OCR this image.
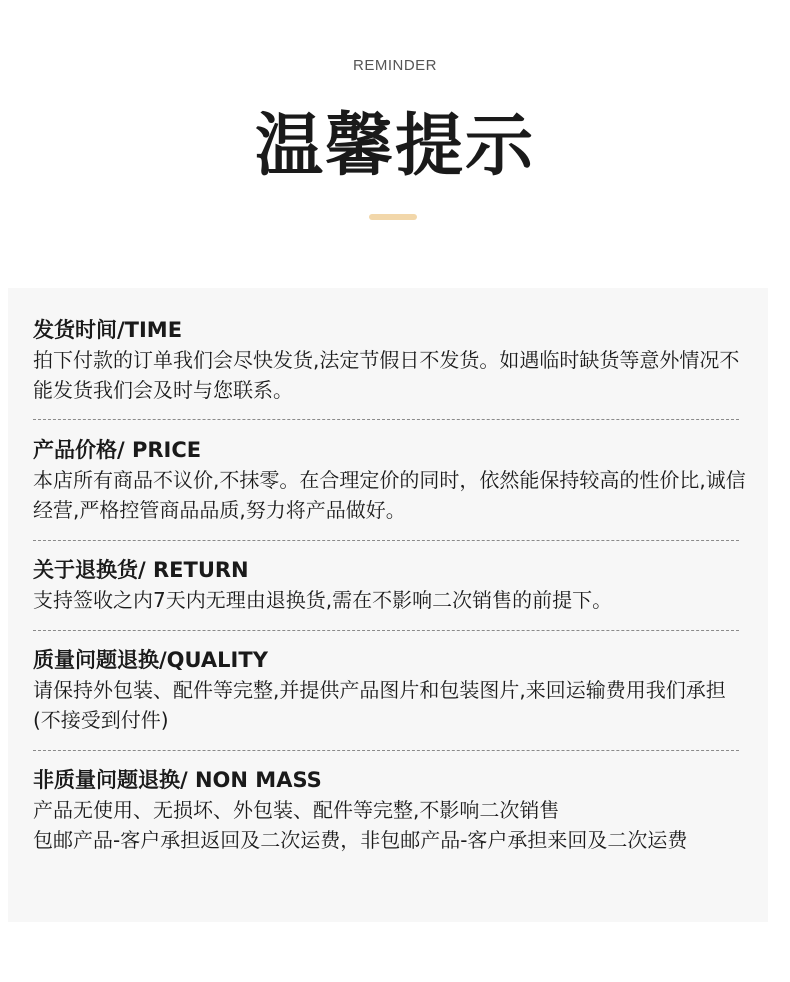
REMINDER
温馨提示
发货时间/TIME
拍下付款的订单我们会尽快发货,法定节假日不发货。如遇临时缺货等意外情况不能发货我们会及时与您联系。
产品价格/ PRICE
本店所有商品不议价,不抹零。在合理定价的同时，依然能保持较高的性价比,诚信经营,严格控管商品品质,努力将产品做好。
关于退换货/ RETURN
支持签收之内7天内无理由退换货,需在不影响二次销售的前提下。
质量问题退换/QUALITY
请保持外包装、配件等完整,并提供产品图片和包装图片,来回运输费用我们承担(不接受到付件)
非质量问题退换/ NON MASS
产品无使用、无损坏、外包装、配件等完整,不影响二次销售
包邮产品-客户承担返回及二次运费，非包邮产品-客户承担来回及二次运费
